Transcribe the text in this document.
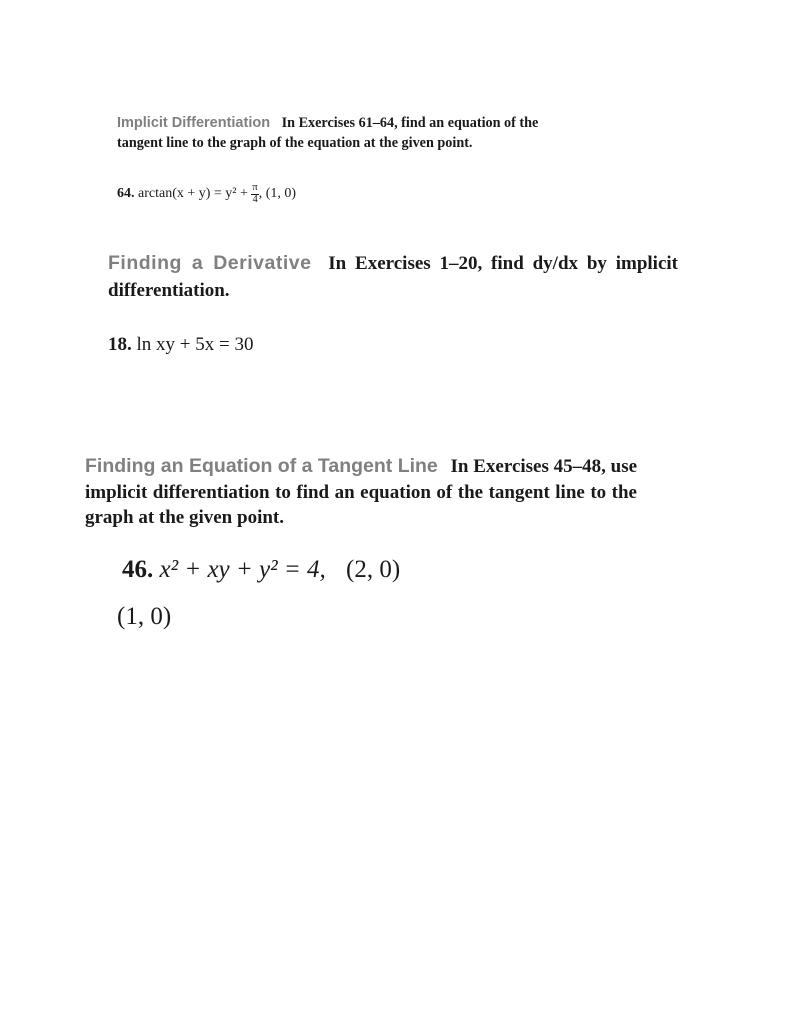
Implicit Differentiation In Exercises 61–64, find an equation of the tangent line to the graph of the equation at the given point.
64. $\arctan(x + y) = y^2 + \frac{\pi}{4}$ , (1, 0)
Finding a Derivative In Exercises 1–20, find dy/dx by implicit differentiation.
18. ln xy + 5x = 30
Finding an Equation of a Tangent Line In Exercises 45–48, use implicit differentiation to find an equation of the tangent line to the graph at the given point.
46. x² + xy + y² = 4, (2, 0)
(1, 0)
